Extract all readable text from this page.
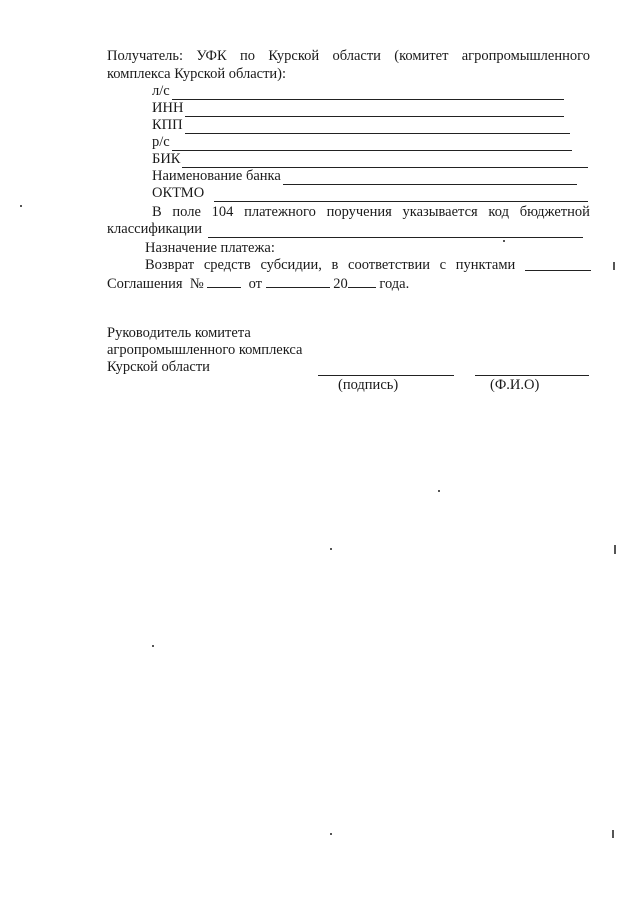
Получатель: УФК по Курской области (комитет агропромышленного
комплекса Курской области):
л/с
ИНН
КПП
р/с
БИК
Наименование банка
ОКТМО
В поле 104 платежного поручения указывается код бюджетной
классификации
Назначение платежа:
Возврат средств субсидии, в соответствии с пунктами
Соглашения №	от	20 года.
Руководитель комитета
агропромышленного комплекса
Курской области
(подпись)	(Ф.И.О)
